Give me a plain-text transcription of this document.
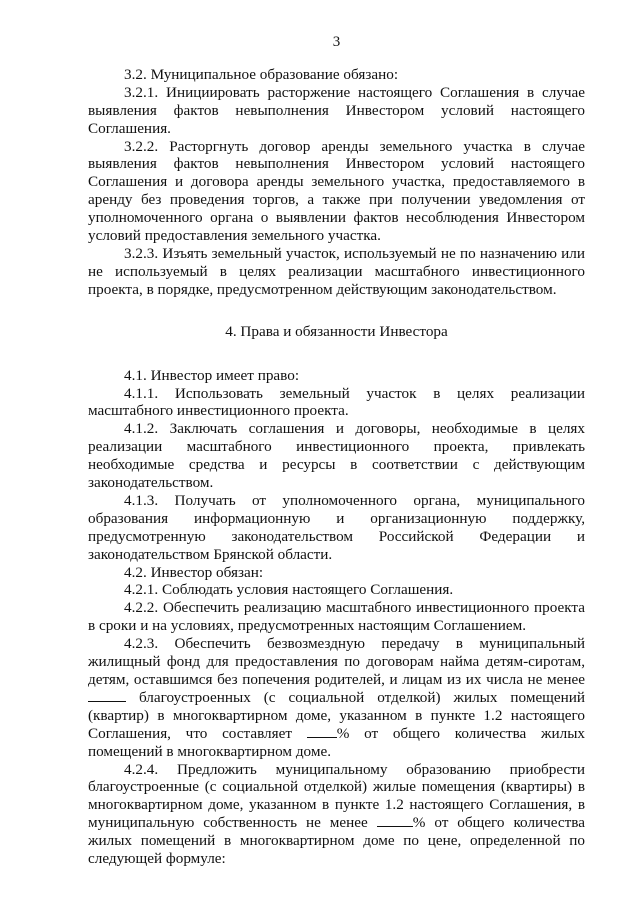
3

3.2. Муниципальное образование обязано:

3.2.1. Инициировать расторжение настоящего Соглашения в случае выявления фактов невыполнения Инвестором условий настоящего Соглашения.

3.2.2. Расторгнуть договор аренды земельного участка в случае выявления фактов невыполнения Инвестором условий настоящего Соглашения и договора аренды земельного участка, предоставляемого в аренду без проведения торгов, а также при получении уведомления от уполномоченного органа о выявлении фактов несоблюдения Инвестором условий предоставления земельного участка.

3.2.3. Изъять земельный участок, используемый не по назначению или не используемый в целях реализации масштабного инвестиционного проекта, в порядке, предусмотренном действующим законодательством.

4. Права и обязанности Инвестора

4.1. Инвестор имеет право:

4.1.1. Использовать земельный участок в целях реализации масштабного инвестиционного проекта.

4.1.2. Заключать соглашения и договоры, необходимые в целях реализации масштабного инвестиционного проекта, привлекать необходимые средства и ресурсы в соответствии с действующим законодательством.

4.1.3. Получать от уполномоченного органа, муниципального образования информационную и организационную поддержку, предусмотренную законодательством Российской Федерации и законодательством Брянской области.

4.2. Инвестор обязан:

4.2.1. Соблюдать условия настоящего Соглашения.

4.2.2. Обеспечить реализацию масштабного инвестиционного проекта в сроки и на условиях, предусмотренных настоящим Соглашением.

4.2.3. Обеспечить безвозмездную передачу в муниципальный жилищный фонд для предоставления по договорам найма детям-сиротам, детям, оставшимся без попечения родителей, и лицам из их числа не менее  благоустроенных (с социальной отделкой) жилых помещений (квартир) в многоквартирном доме, указанном в пункте 1.2 настоящего Соглашения, что составляет	% от общего количества жилых помещений в многоквартирном доме.

4.2.4. Предложить муниципальному образованию приобрести благоустроенные (с социальной отделкой) жилые помещения (квартиры) в многоквартирном доме, указанном в пункте 1.2 настоящего Соглашения, в муниципальную собственность не менее	% от общего количества жилых помещений в многоквартирном доме по цене, определенной по следующей формуле:
